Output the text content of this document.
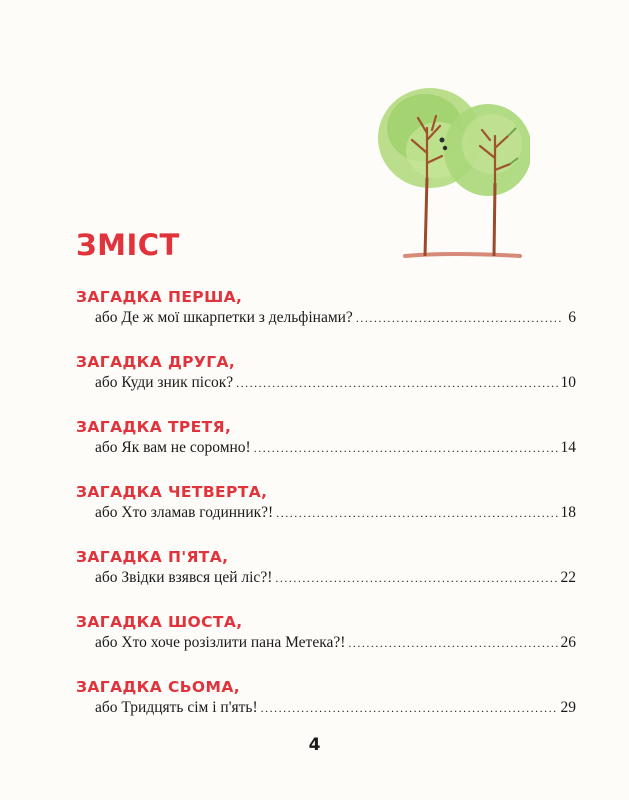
ЗМІСТ
ЗАГАДКА ПЕРША,
або Де ж мої шкарпетки з дельфінами? .....	6
ЗАГАДКА ДРУГА,
або Куди зник пісок? .....	10
ЗАГАДКА ТРЕТЯ,
або Як вам не соромно! .....	14
ЗАГАДКА ЧЕТВЕРТА,
або Хто зламав годинник?! .....	18
ЗАГАДКА П'ЯТА,
або Звідки взявся цей ліс?! .....	22
ЗАГАДКА ШОСТА,
або Хто хоче розізлити пана Метека?! .....	26
ЗАГАДКА СЬОМА,
або Тридцять сім і п'ять! .....	29
4
